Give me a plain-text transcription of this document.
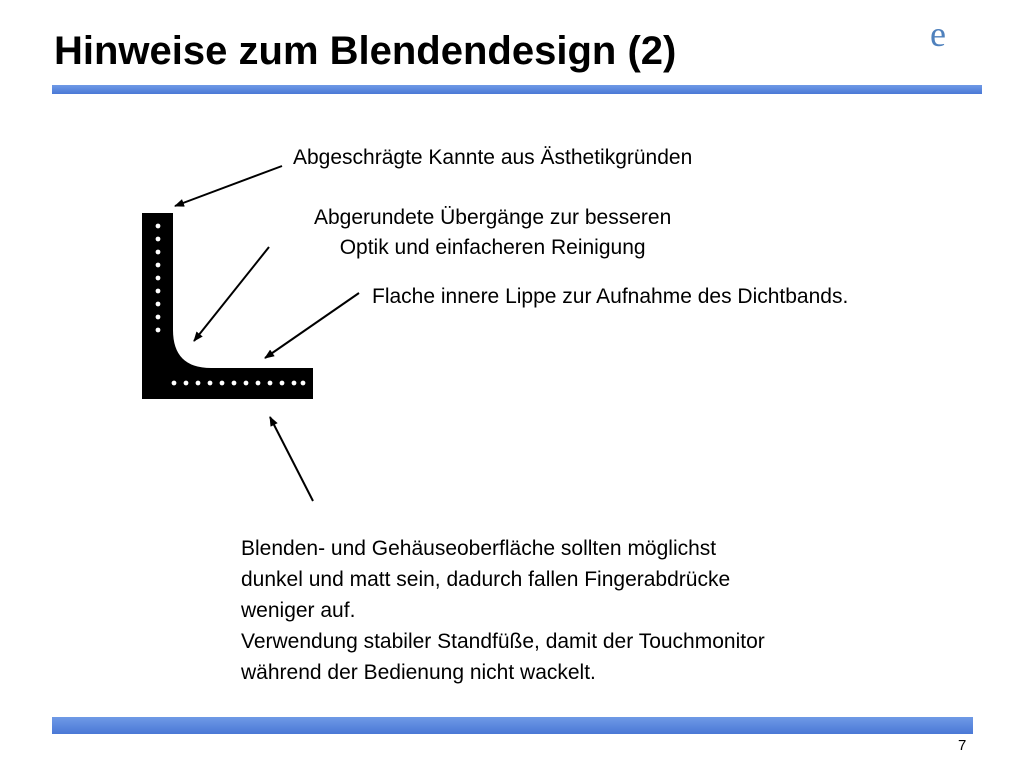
Hinweise zum Blendendesign (2)	e
Abgeschrägte Kannte aus Ästhetikgründen
Abgerundete Übergänge zur besseren
Optik und einfacheren Reinigung
Flache innere Lippe zur Aufnahme des Dichtbands.
Blenden- und Gehäuseoberfläche sollten möglichst
dunkel und matt sein, dadurch fallen Fingerabdrücke
weniger auf.
Verwendung stabiler Standfüße, damit der Touchmonitor
während der Bedienung nicht wackelt.
7
